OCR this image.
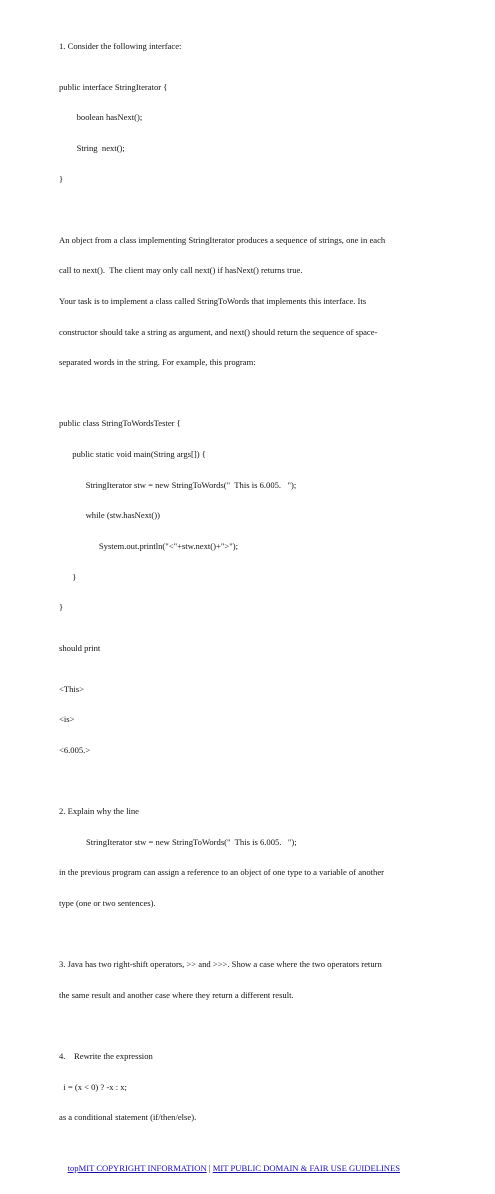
1. Consider the following interface:

public interface StringIterator {

boolean hasNext();

String  next();

}

An object from a class implementing StringIterator produces a sequence of strings, one in each

call to next().  The client may only call next() if hasNext() returns true.

Your task is to implement a class called StringToWords that implements this interface. Its

constructor should take a string as argument, and next() should return the sequence of space-

separated words in the string. For example, this program:

public class StringToWordsTester {

public static void main(String args[]) {

StringIterator stw = new StringToWords("  This is 6.005.   ");

while (stw.hasNext())

System.out.println("<"+stw.next()+">");

}

}

should print

<This>

<is>

<6.005.>

2. Explain why the line

StringIterator stw = new StringToWords("  This is 6.005.   ");

in the previous program can assign a reference to an object of one type to a variable of another

type (one or two sentences).

3. Java has two right-shift operators, >> and >>>. Show a case where the two operators return

the same result and another case where they return a different result.

4.    Rewrite the expression

i = (x < 0) ? -x : x;

as a conditional statement (if/then/else).

topMIT COPYRIGHT INFORMATION | MIT PUBLIC DOMAIN & FAIR USE GUIDELINES
